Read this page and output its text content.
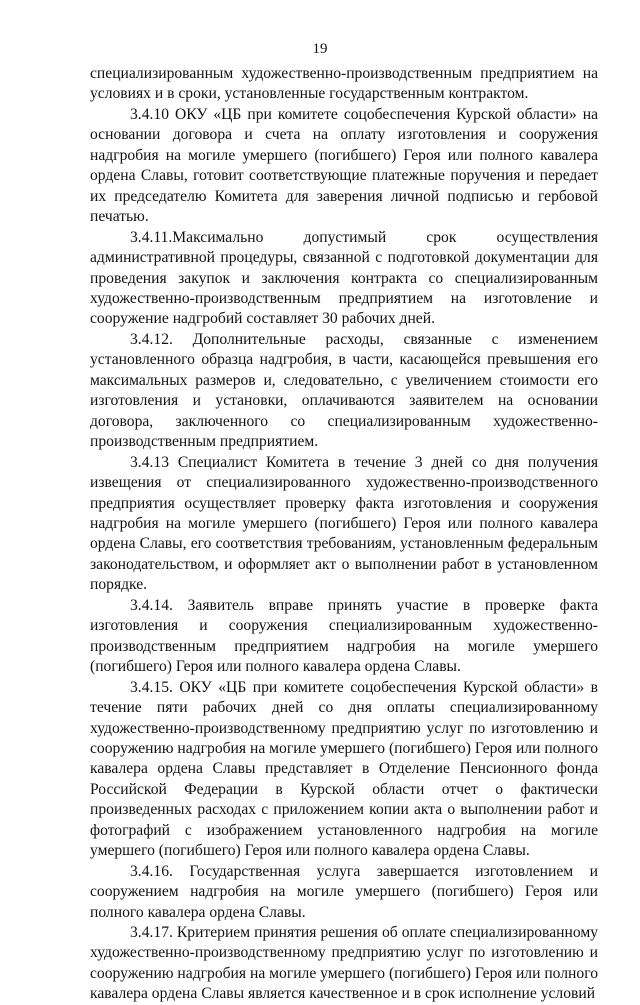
19

специализированным художественно-производственным предприятием на условиях и в сроки, установленные государственным контрактом.

3.4.10 ОКУ «ЦБ при комитете соцобеспечения Курской области» на основании договора и счета на оплату изготовления и сооружения надгробия на могиле умершего (погибшего) Героя или полного кавалера ордена Славы, готовит соответствующие платежные поручения и передает их председателю Комитета для заверения личной подписью и гербовой печатью.

3.4.11.Максимально допустимый срок осуществления административной процедуры, связанной с подготовкой документации для проведения закупок и заключения контракта со специализированным художественно-производственным предприятием на изготовление и сооружение надгробий составляет 30 рабочих дней.

3.4.12. Дополнительные расходы, связанные с изменением установленного образца надгробия, в части, касающейся превышения его максимальных размеров и, следовательно, с увеличением стоимости его изготовления и установки, оплачиваются заявителем на основании договора, заключенного со специализированным художественно-производственным предприятием.

3.4.13 Специалист Комитета в течение 3 дней со дня получения извещения от специализированного художественно-производственного предприятия осуществляет проверку факта изготовления и сооружения надгробия на могиле умершего (погибшего) Героя или полного кавалера ордена Славы, его соответствия требованиям, установленным федеральным законодательством, и оформляет акт о выполнении работ в установленном порядке.

3.4.14. Заявитель вправе принять участие в проверке факта изготовления и сооружения специализированным художественно-производственным предприятием надгробия на могиле умершего (погибшего) Героя или полного кавалера ордена Славы.

3.4.15. ОКУ «ЦБ при комитете соцобеспечения Курской области» в течение пяти рабочих дней со дня оплаты специализированному художественно-производственному предприятию услуг по изготовлению и сооружению надгробия на могиле умершего (погибшего) Героя или полного кавалера ордена Славы представляет в Отделение Пенсионного фонда Российской Федерации в Курской области отчет о фактически произведенных расходах с приложением копии акта о выполнении работ и фотографий с изображением установленного надгробия на могиле умершего (погибшего) Героя или полного кавалера ордена Славы.

3.4.16. Государственная услуга завершается изготовлением и сооружением надгробия на могиле умершего (погибшего) Героя или полного кавалера ордена Славы.

3.4.17. Критерием принятия решения об оплате специализированному художественно-производственному предприятию услуг по изготовлению и сооружению надгробия на могиле умершего (погибшего) Героя или полного кавалера ордена Славы является качественное и в срок исполнение условий
